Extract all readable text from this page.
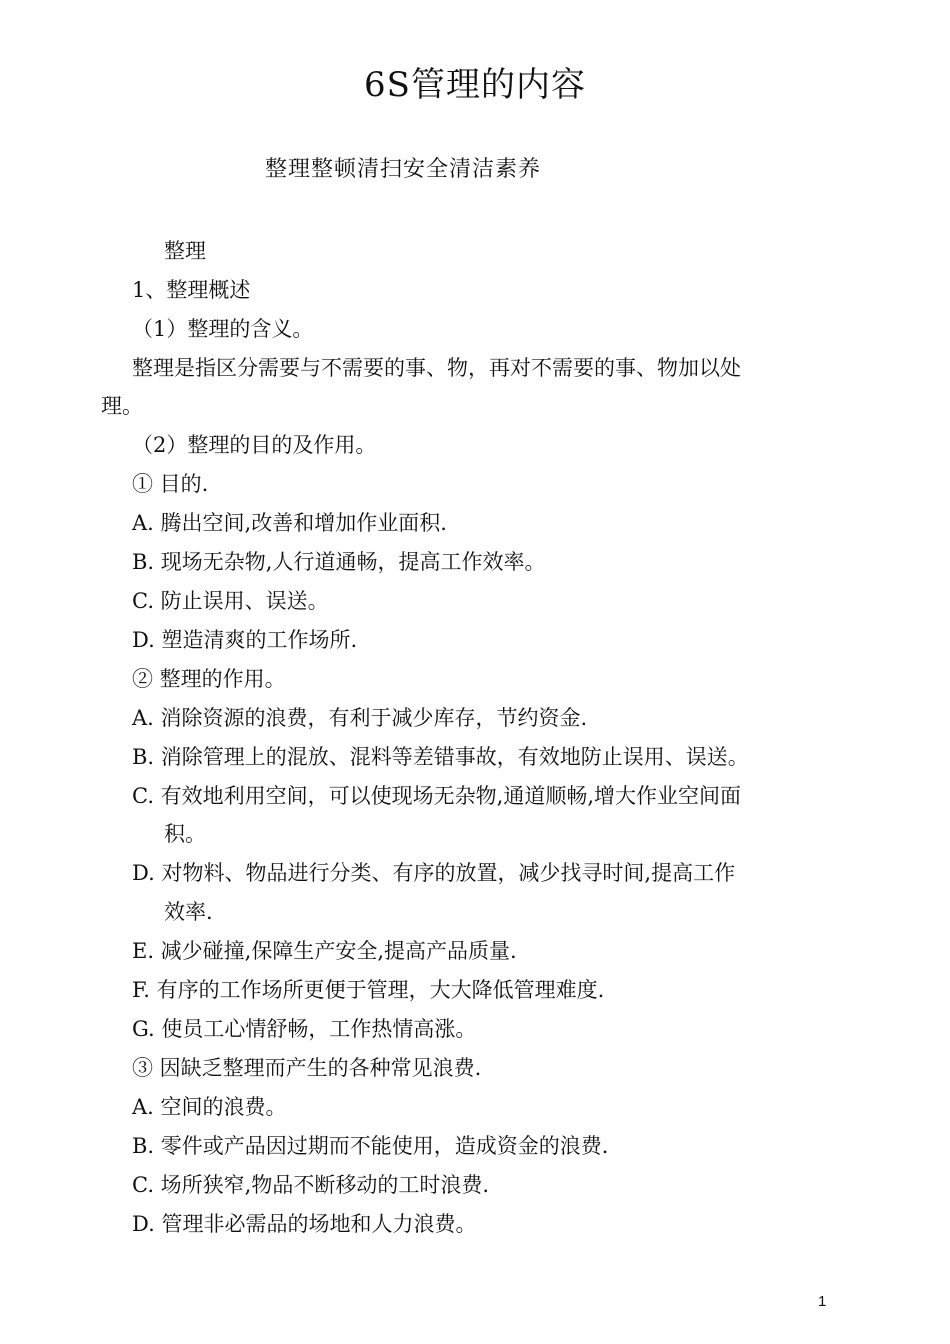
6S管理的内容
整理整顿清扫安全清洁素养
整理
1、整理概述
（1）整理的含义。
整理是指区分需要与不需要的事、物，再对不需要的事、物加以处
理。
（2）整理的目的及作用。
① 目的.
A. 腾出空间,改善和增加作业面积.
B. 现场无杂物,人行道通畅，提高工作效率。
C. 防止误用、误送。
D. 塑造清爽的工作场所.
② 整理的作用。
A. 消除资源的浪费，有利于减少库存，节约资金.
B. 消除管理上的混放、混料等差错事故，有效地防止误用、误送。
C. 有效地利用空间，可以使现场无杂物,通道顺畅,增大作业空间面
积。
D. 对物料、物品进行分类、有序的放置，减少找寻时间,提高工作
效率.
E. 减少碰撞,保障生产安全,提高产品质量.
F. 有序的工作场所更便于管理，大大降低管理难度.
G. 使员工心情舒畅，工作热情高涨。
③ 因缺乏整理而产生的各种常见浪费.
A. 空间的浪费。
B. 零件或产品因过期而不能使用，造成资金的浪费.
C. 场所狭窄,物品不断移动的工时浪费.
D. 管理非必需品的场地和人力浪费。
1
